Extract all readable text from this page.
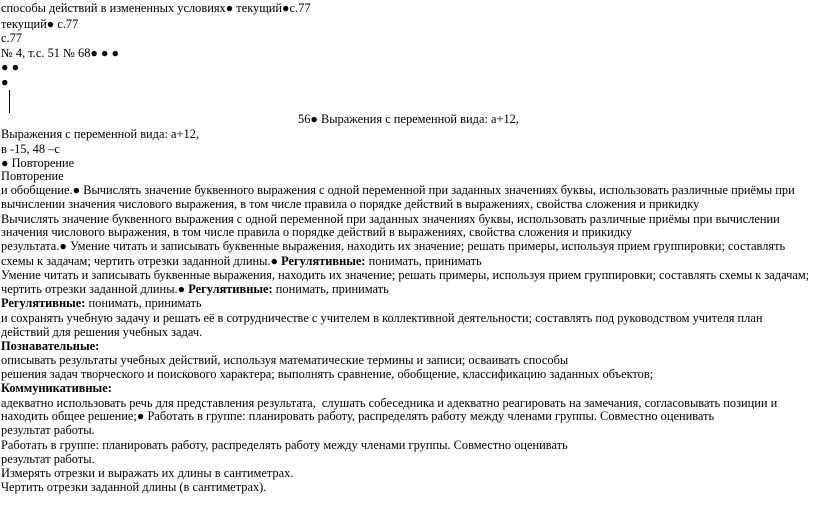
способы действий в измененных условиях● текущий●с.77

текущий● с.77

с.77

№ 4, т.с. 51 № 68● ● ●

● ●

●

56● Выражения с переменной вида: а+12,

Выражения с переменной вида: а+12,

в -15, 48 –с

● Повторение

Повторение

и обобщение.● Вычислять значение буквенного выражения с одной переменной при заданных значениях буквы, использовать различные приёмы при

вычислении значения числового выражения, в том числе правила о порядке действий в выражениях, свойства сложения и прикидку

Вычислять значение буквенного выражения с одной переменной при заданных значениях буквы, использовать различные приёмы при вычислении

значения числового выражения, в том числе правила о порядке действий в выражениях, свойства сложения и прикидку

результата.● Умение читать и записывать буквенные выражения, находить их значение; решать примеры, используя прием группировки; составлять

схемы к задачам; чертить отрезки заданной длины.● Регулятивные: понимать, принимать

Умение читать и записывать буквенные выражения, находить их значение; решать примеры, используя прием группировки; составлять схемы к задачам;

чертить отрезки заданной длины.● Регулятивные: понимать, принимать

Регулятивные: понимать, принимать

и сохранять учебную задачу и решать её в сотрудничестве с учителем в коллективной деятельности; составлять под руководством учителя план

действий для решения учебных задач.

Познавательные:

описывать результаты учебных действий, используя математические термины и записи; осваивать способы

решения задач творческого и поискового характера; выполнять сравнение, обобщение, классификацию заданных объектов;

Коммуникативные:

адекватно использовать речь для представления результата,  слушать собеседника и адекватно реагировать на замечания, согласовывать позиции и

находить общее решение;● Работать в группе: планировать работу, распределять работу между членами группы. Совместно оценивать

результат работы.

Работать в группе: планировать работу, распределять работу между членами группы. Совместно оценивать

результат работы.

Измерять отрезки и выражать их длины в сантиметрах.

Чертить отрезки заданной длины (в сантиметрах).
